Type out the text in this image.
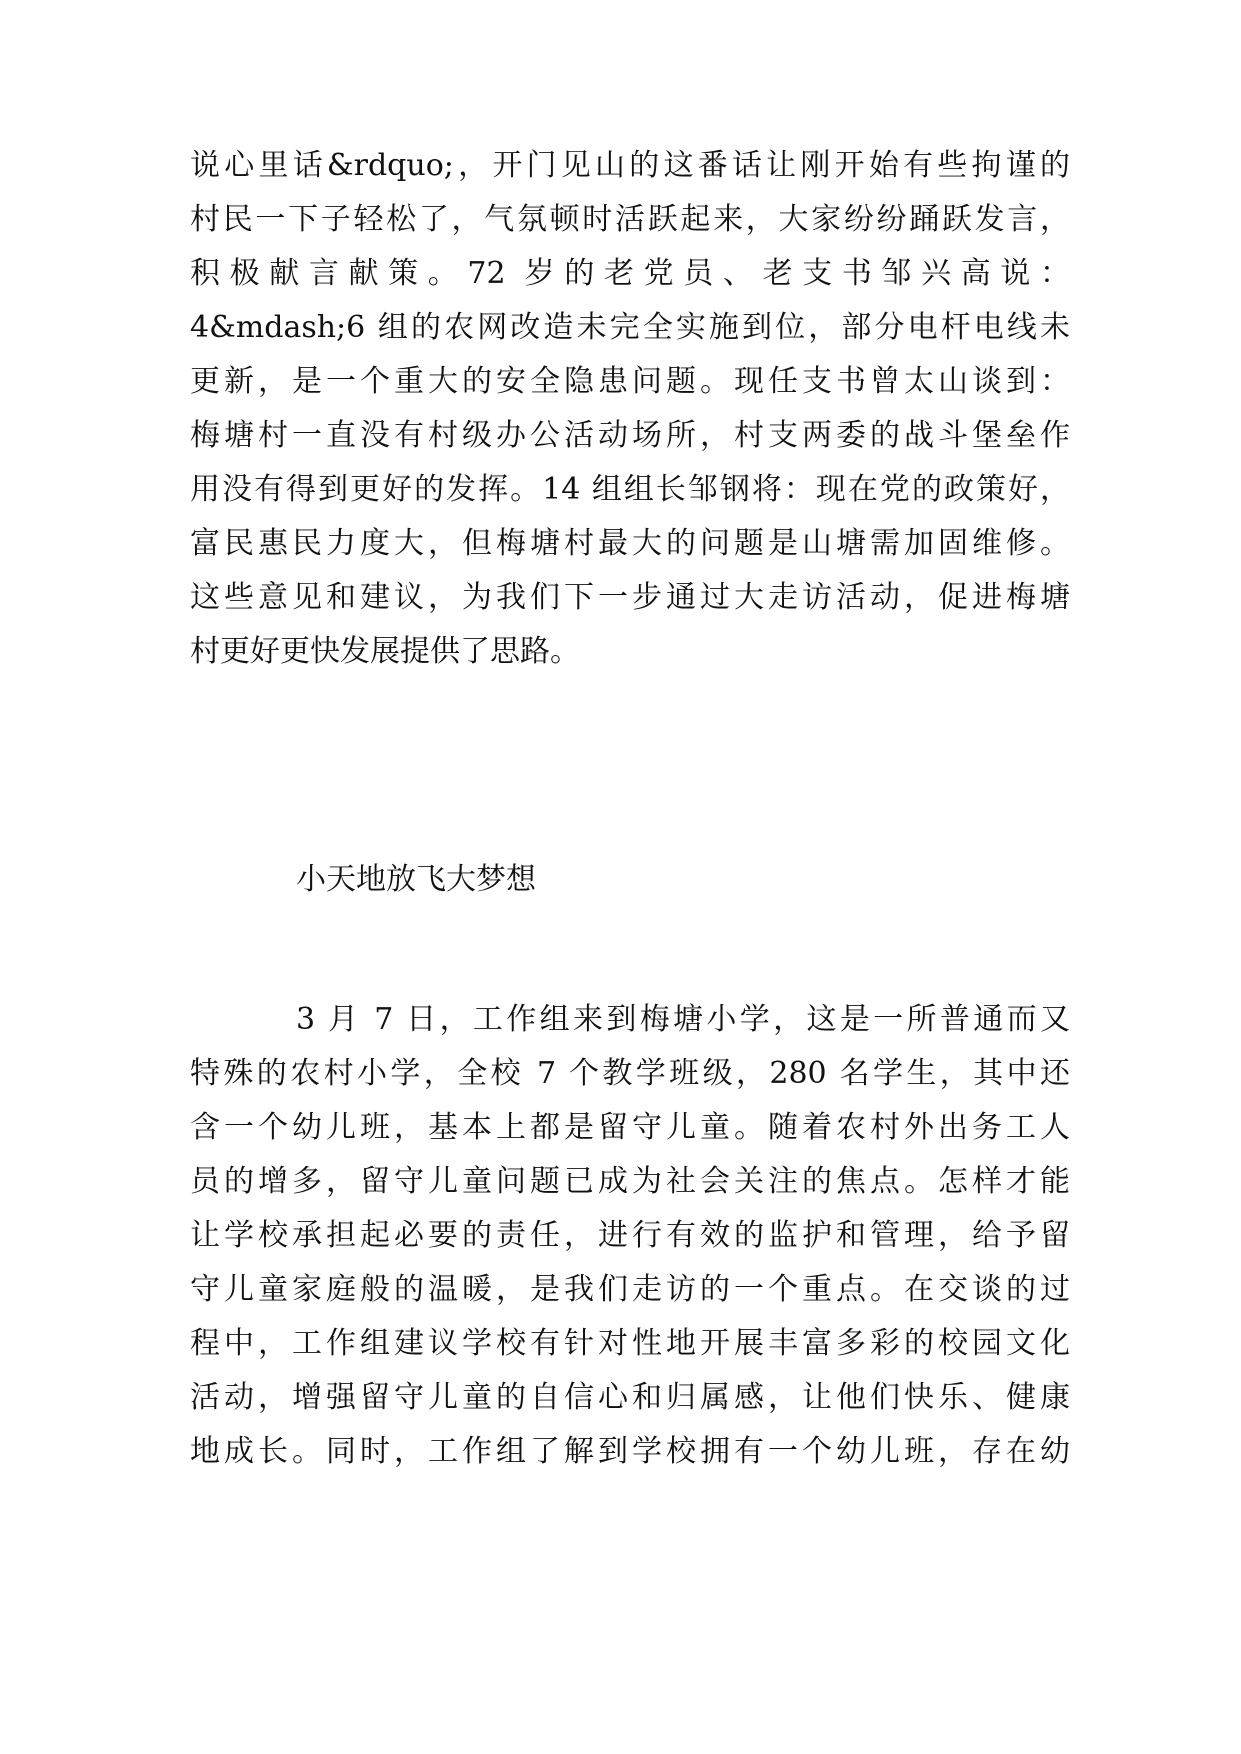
说心里话&rdquo;，开门见山的这番话让刚开始有些拘谨的
村民一下子轻松了，气氛顿时活跃起来，大家纷纷踊跃发言，
积极献言献策。72 岁的老党员、老支书邹兴高说：
4&mdash;6 组的农网改造未完全实施到位，部分电杆电线未
更新，是一个重大的安全隐患问题。现任支书曾太山谈到：
梅塘村一直没有村级办公活动场所，村支两委的战斗堡垒作
用没有得到更好的发挥。14 组组长邹钢将：现在党的政策好，
富民惠民力度大，但梅塘村最大的问题是山塘需加固维修。
这些意见和建议，为我们下一步通过大走访活动，促进梅塘
村更好更快发展提供了思路。
小天地放飞大梦想
3 月 7 日，工作组来到梅塘小学，这是一所普通而又
特殊的农村小学，全校 7 个教学班级，280 名学生，其中还
含一个幼儿班，基本上都是留守儿童。随着农村外出务工人
员的增多，留守儿童问题已成为社会关注的焦点。怎样才能
让学校承担起必要的责任，进行有效的监护和管理，给予留
守儿童家庭般的温暖，是我们走访的一个重点。在交谈的过
程中，工作组建议学校有针对性地开展丰富多彩的校园文化
活动，增强留守儿童的自信心和归属感，让他们快乐、健康
地成长。同时，工作组了解到学校拥有一个幼儿班，存在幼
